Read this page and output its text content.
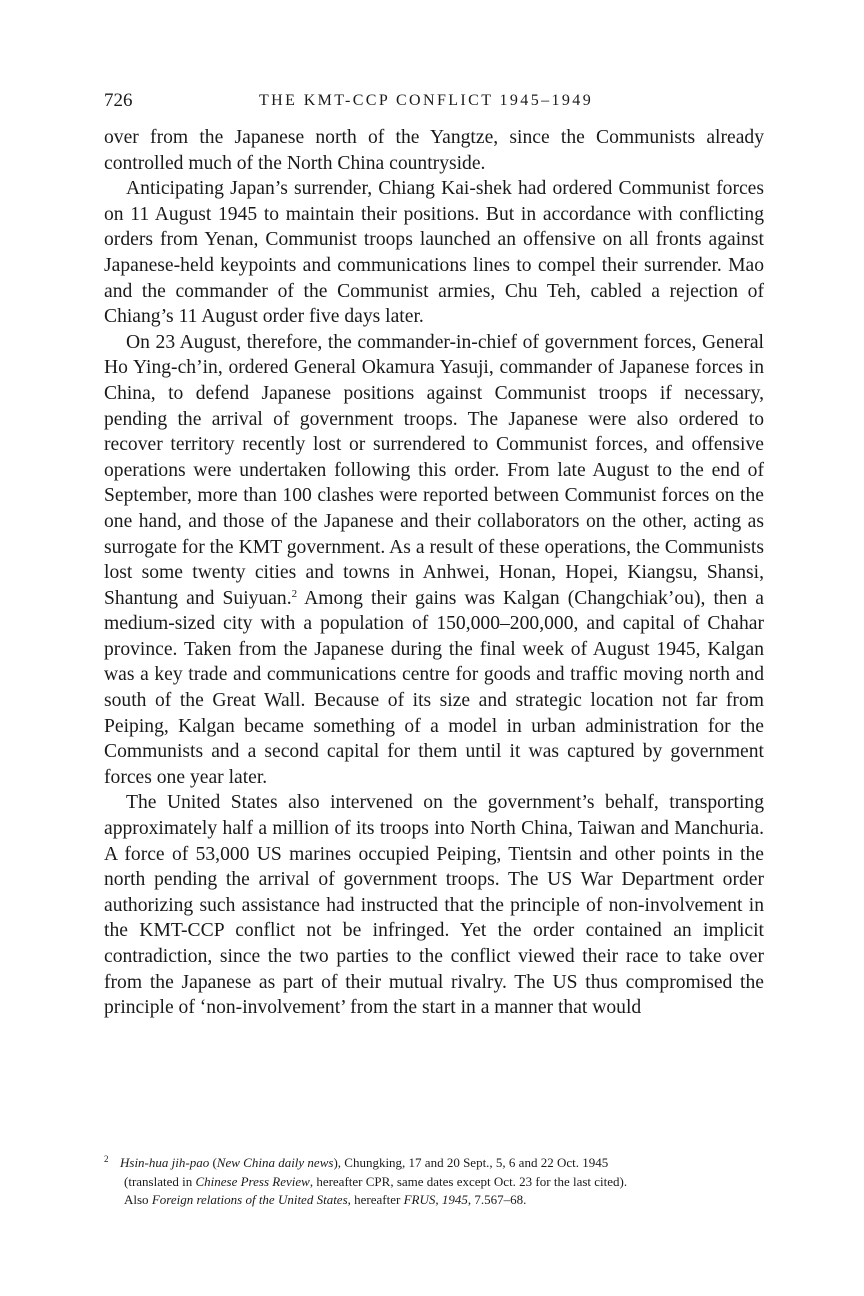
726	THE KMT-CCP CONFLICT 1945–1949

over from the Japanese north of the Yangtze, since the Communists already controlled much of the North China countryside.

Anticipating Japan’s surrender, Chiang Kai-shek had ordered Communist forces on 11 August 1945 to maintain their positions. But in accordance with conflicting orders from Yenan, Communist troops launched an offensive on all fronts against Japanese-held keypoints and communications lines to compel their surrender. Mao and the commander of the Communist armies, Chu Teh, cabled a rejection of Chiang’s 11 August order five days later.

On 23 August, therefore, the commander-in-chief of government forces, General Ho Ying-ch’in, ordered General Okamura Yasuji, commander of Japanese forces in China, to defend Japanese positions against Communist troops if necessary, pending the arrival of government troops. The Japanese were also ordered to recover territory recently lost or surrendered to Communist forces, and offensive operations were undertaken following this order. From late August to the end of September, more than 100 clashes were reported between Communist forces on the one hand, and those of the Japanese and their collaborators on the other, acting as surrogate for the KMT government. As a result of these operations, the Communists lost some twenty cities and towns in Anhwei, Honan, Hopei, Kiangsu, Shansi, Shantung and Suiyuan.$^2$ Among their gains was Kalgan (Changchiak’ou), then a medium-sized city with a population of 150,000–200,000, and capital of Chahar province. Taken from the Japanese during the final week of August 1945, Kalgan was a key trade and communications centre for goods and traffic moving north and south of the Great Wall. Because of its size and strategic location not far from Peiping, Kalgan became something of a model in urban administration for the Communists and a second capital for them until it was captured by government forces one year later.

The United States also intervened on the government’s behalf, transporting approximately half a million of its troops into North China, Taiwan and Manchuria. A force of 53,000 US marines occupied Peiping, Tientsin and other points in the north pending the arrival of government troops. The US War Department order authorizing such assistance had instructed that the principle of non-involvement in the KMT-CCP conflict not be infringed. Yet the order contained an implicit contradiction, since the two parties to the conflict viewed their race to take over from the Japanese as part of their mutual rivalry. The US thus compromised the principle of ‘non-involvement’ from the start in a manner that would

2 Hsin-hua jih-pao (New China daily news), Chungking, 17 and 20 Sept., 5, 6 and 22 Oct. 1945

(translated in Chinese Press Review, hereafter CPR, same dates except Oct. 23 for the last cited).

Also Foreign relations of the United States, hereafter FRUS, 1945, 7.567–68.
